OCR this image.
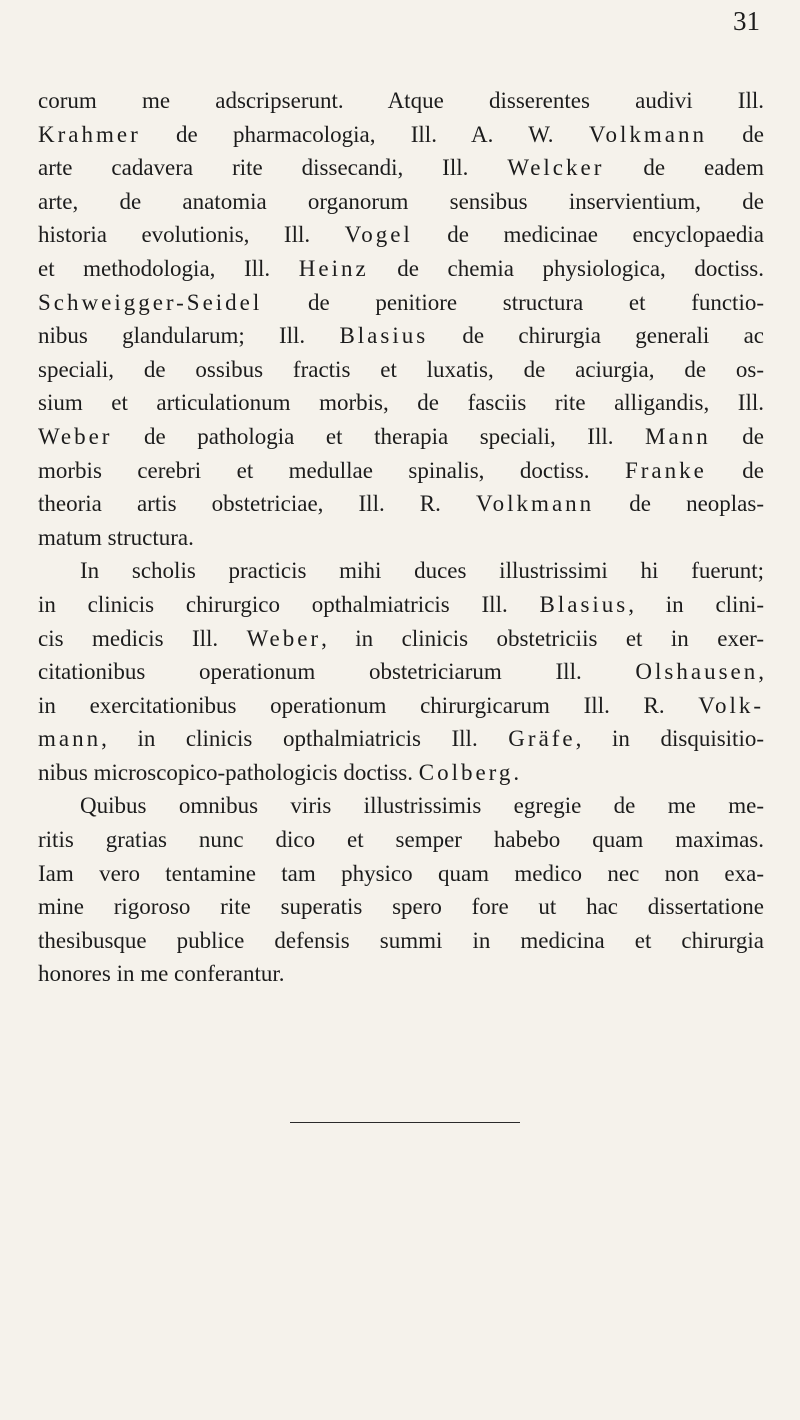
31
corum me adscripserunt. Atque disserentes audivi Ill.
Krahmer de pharmacologia, Ill. A. W. Volkmann de
arte cadavera rite dissecandi, Ill. Welcker de eadem
arte, de anatomia organorum sensibus inservientium, de
historia evolutionis, Ill. Vogel de medicinae encyclopaedia
et methodologia, Ill. Heinz de chemia physiologica, doctiss.
Schweigger-Seidel de penitiore structura et functio-
nibus glandularum; Ill. Blasius de chirurgia generali ac
speciali, de ossibus fractis et luxatis, de aciurgia, de os-
sium et articulationum morbis, de fasciis rite alligandis, Ill.
Weber de pathologia et therapia speciali, Ill. Mann de
morbis cerebri et medullae spinalis, doctiss. Franke de
theoria artis obstetriciae, Ill. R. Volkmann de neoplas-
matum structura.
In scholis practicis mihi duces illustrissimi hi fuerunt;
in clinicis chirurgico opthalmiatricis Ill. Blasius, in clini-
cis medicis Ill. Weber, in clinicis obstetriciis et in exer-
citationibus operationum obstetriciarum Ill. Olshausen,
in exercitationibus operationum chirurgicarum Ill. R. Volk-
mann, in clinicis opthalmiatricis Ill. Gräfe, in disquisitio-
nibus microscopico-pathologicis doctiss. Colberg.
Quibus omnibus viris illustrissimis egregie de me me-
ritis gratias nunc dico et semper habebo quam maximas.
Iam vero tentamine tam physico quam medico nec non exa-
mine rigoroso rite superatis spero fore ut hac dissertatione
thesibusque publice defensis summi in medicina et chirurgia
honores in me conferantur.
